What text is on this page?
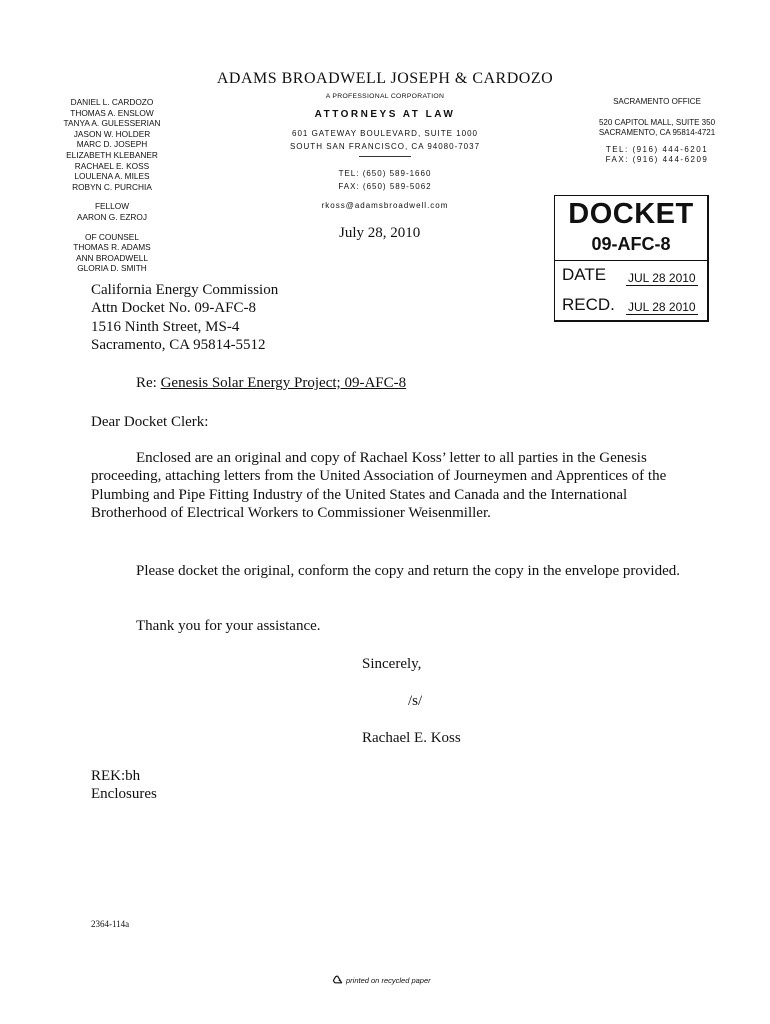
ADAMS BROADWELL JOSEPH & CARDOZO
DANIEL L. CARDOZO
THOMAS A. ENSLOW
TANYA A. GULESSERIAN
JASON W. HOLDER
MARC D. JOSEPH
ELIZABETH KLEBANER
RACHAEL E. KOSS
LOULENA A. MILES
ROBYN C. PURCHIA
FELLOW
AARON G. EZROJ
OF COUNSEL
THOMAS R. ADAMS
ANN BROADWELL
GLORIA D. SMITH
A PROFESSIONAL CORPORATION
ATTORNEYS AT LAW
601 GATEWAY BOULEVARD, SUITE 1000
SOUTH SAN FRANCISCO, CA 94080-7037
TEL: (650) 589-1660
FAX: (650) 589-5062
rkoss@adamsbroadwell.com
SACRAMENTO OFFICE
520 CAPITOL MALL, SUITE 350
SACRAMENTO, CA 95814-4721
TEL: (916) 444-6201
FAX: (916) 444-6209
DOCKET
09-AFC-8
DATE JUL 28 2010
RECD. JUL 28 2010
July 28, 2010
California Energy Commission
Attn Docket No. 09-AFC-8
1516 Ninth Street, MS-4
Sacramento, CA 95814-5512
Re: Genesis Solar Energy Project; 09-AFC-8
Dear Docket Clerk:
Enclosed are an original and copy of Rachael Koss’ letter to all parties in the Genesis proceeding, attaching letters from the United Association of Journeymen and Apprentices of the Plumbing and Pipe Fitting Industry of the United States and Canada and the International Brotherhood of Electrical Workers to Commissioner Weisenmiller.
Please docket the original, conform the copy and return the copy in the envelope provided.
Thank you for your assistance.
Sincerely,
/s/
Rachael E. Koss
REK:bh
Enclosures
2364-114a
printed on recycled paper
